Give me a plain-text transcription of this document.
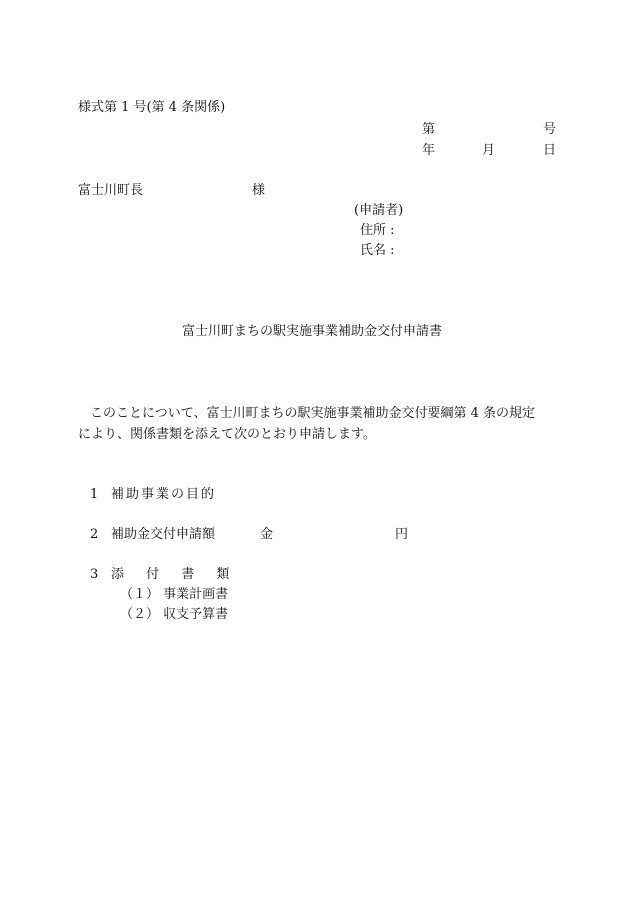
様式第 1 号(第 4 条関係)
第	号
年	月	日
富士川町長	様
(申請者)
住所 :
氏名 :
富士川町まちの駅実施事業補助金交付申請書
このことについて、富士川町まちの駅実施事業補助金交付要綱第 4 条の規定
により、関係書類を添えて次のとおり申請します。
1 補助事業の目的
2 補助金交付申請額	金	円
3 添 付 書 類
（１） 事業計画書
（２） 収支予算書
